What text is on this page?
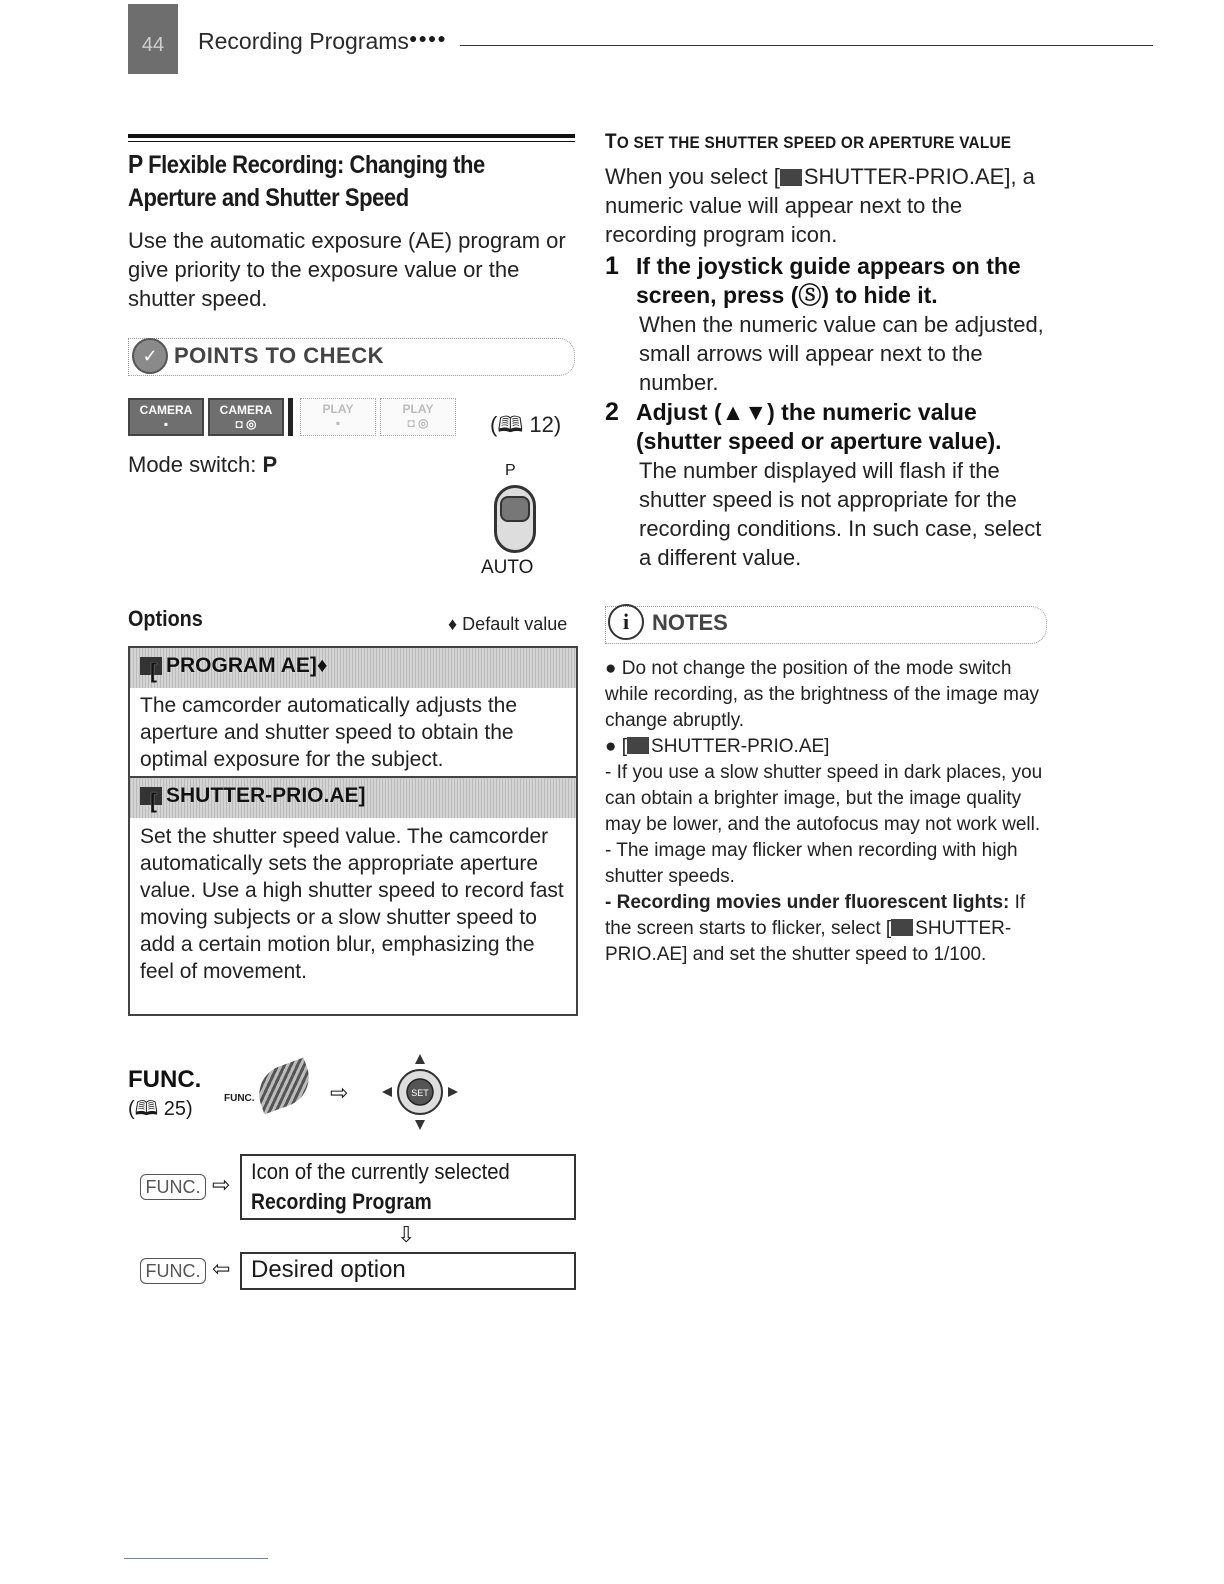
44	Recording Programs ●●●●
P Flexible Recording: Changing the
Aperture and Shutter Speed
Use the automatic exposure (AE) program or give priority to the exposure value or the shutter speed.
✓ POINTS TO CHECK
CAMERA
▪
CAMERA
◘ ◎
PLAY
▪
PLAY
◘ ◎	(🕮 12)
Mode switch: P	P
AUTO
Options	♦ Default value
[ PROGRAM AE]♦
The camcorder automatically adjusts the aperture and shutter speed to obtain the optimal exposure for the subject.
[ SHUTTER-PRIO.AE]
Set the shutter speed value. The camcorder automatically sets the appropriate aperture value. Use a high shutter speed to record fast moving subjects or a slow shutter speed to add a certain motion blur, emphasizing the feel of movement.
FUNC.
(🕮 25)	FUNC.	⇨	SET
FUNC. ⇨
Icon of the currently selected
Recording Program
⇩
FUNC. ⇦ Desired option
TO SET THE SHUTTER SPEED OR APERTURE VALUE
When you select [ SHUTTER-PRIO.AE], a numeric value will appear next to the recording program icon.
1 If the joystick guide appears on the screen, press (Ⓢ) to hide it.
When the numeric value can be adjusted, small arrows will appear next to the number.
2 Adjust (▲▼) the numeric value (shutter speed or aperture value).
The number displayed will flash if the shutter speed is not appropriate for the recording conditions. In such case, select a different value.
i	NOTES

● Do not change the position of the mode switch while recording, as the brightness of the image may change abruptly.

● [ SHUTTER-PRIO.AE]

- If you use a slow shutter speed in dark places, you can obtain a brighter image, but the image quality may be lower, and the autofocus may not work well.

- The image may flicker when recording with high shutter speeds.

- Recording movies under fluorescent lights: If the screen starts to flicker, select [ SHUTTER-PRIO.AE] and set the shutter speed to 1/100.
